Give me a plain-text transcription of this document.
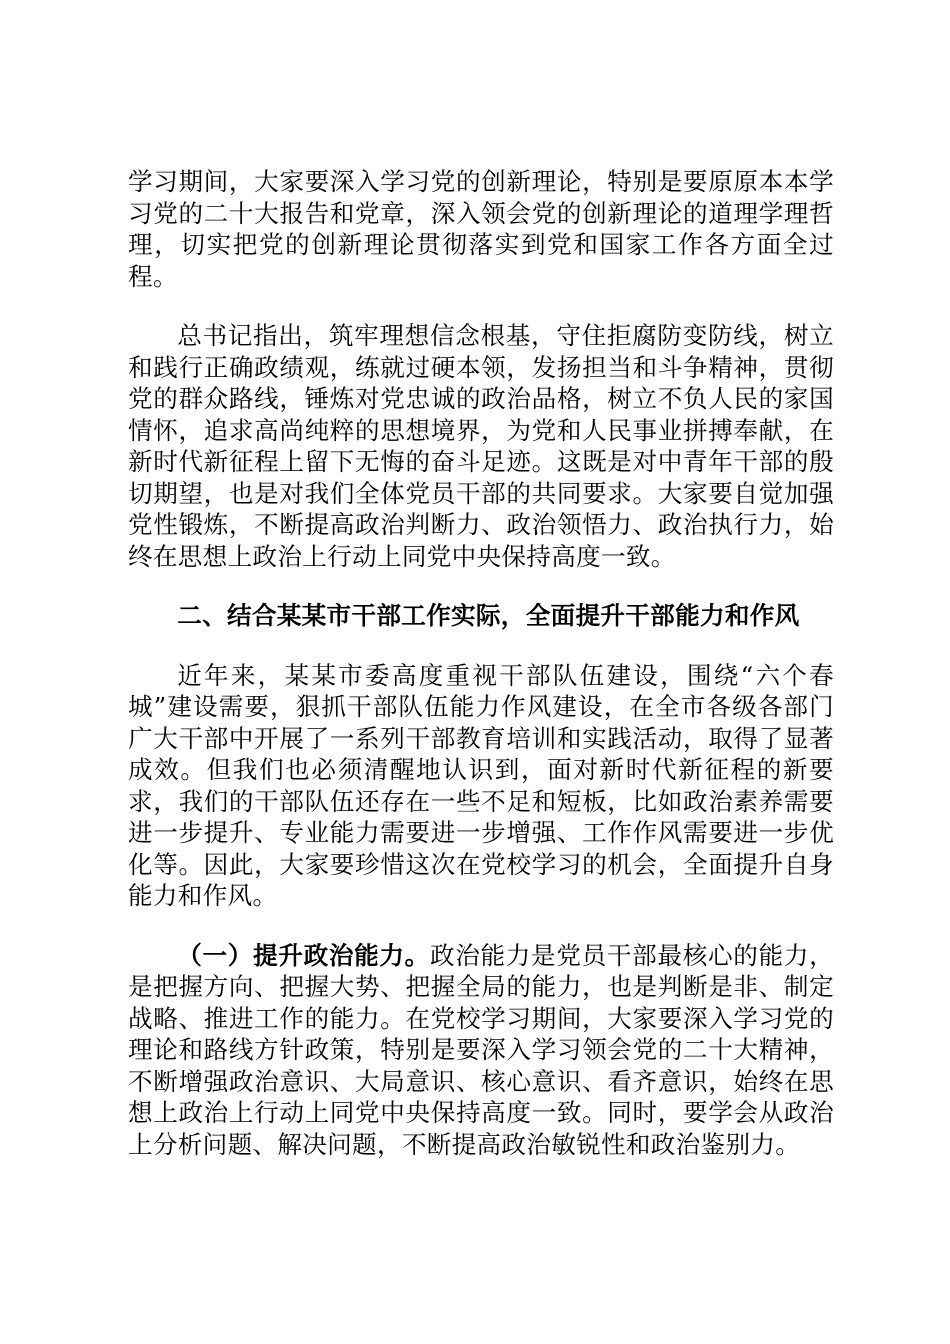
学习期间，大家要深入学习党的创新理论，特别是要原原本本学习党的二十大报告和党章，深入领会党的创新理论的道理学理哲理，切实把党的创新理论贯彻落实到党和国家工作各方面全过程。

总书记指出，筑牢理想信念根基，守住拒腐防变防线，树立和践行正确政绩观，练就过硬本领，发扬担当和斗争精神，贯彻党的群众路线，锤炼对党忠诚的政治品格，树立不负人民的家国情怀，追求高尚纯粹的思想境界，为党和人民事业拼搏奉献，在新时代新征程上留下无悔的奋斗足迹。这既是对中青年干部的殷切期望，也是对我们全体党员干部的共同要求。大家要自觉加强党性锻炼，不断提高政治判断力、政治领悟力、政治执行力，始终在思想上政治上行动上同党中央保持高度一致。

二、结合某某市干部工作实际，全面提升干部能力和作风

近年来，某某市委高度重视干部队伍建设，围绕“六个春城”建设需要，狠抓干部队伍能力作风建设，在全市各级各部门广大干部中开展了一系列干部教育培训和实践活动，取得了显著成效。但我们也必须清醒地认识到，面对新时代新征程的新要求，我们的干部队伍还存在一些不足和短板，比如政治素养需要进一步提升、专业能力需要进一步增强、工作作风需要进一步优化等。因此，大家要珍惜这次在党校学习的机会，全面提升自身能力和作风。

（一）提升政治能力。政治能力是党员干部最核心的能力，是把握方向、把握大势、把握全局的能力，也是判断是非、制定战略、推进工作的能力。在党校学习期间，大家要深入学习党的理论和路线方针政策，特别是要深入学习领会党的二十大精神，不断增强政治意识、大局意识、核心意识、看齐意识，始终在思想上政治上行动上同党中央保持高度一致。同时，要学会从政治上分析问题、解决问题，不断提高政治敏锐性和政治鉴别力。
